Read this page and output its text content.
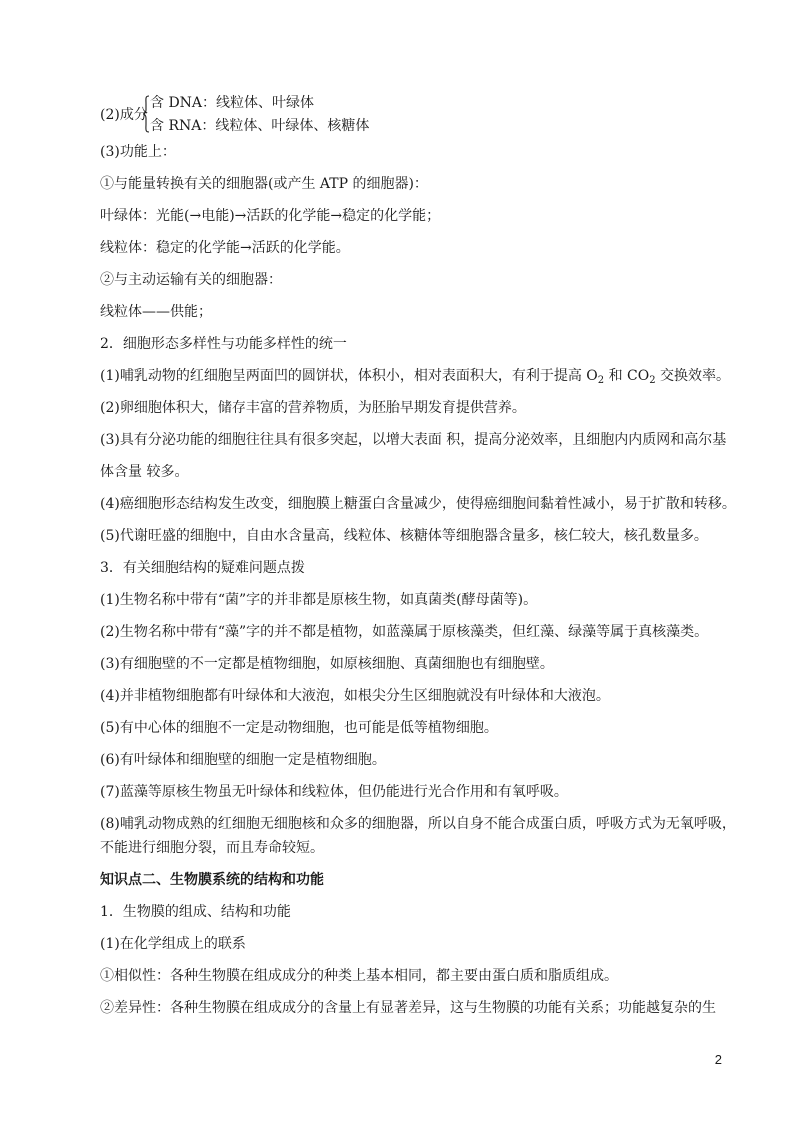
(2)成分
含 DNA：线粒体、叶绿体
含 RNA：线粒体、叶绿体、核糖体
(3)功能上：
①与能量转换有关的细胞器(或产生 ATP 的细胞器)：
叶绿体：光能(→电能)→活跃的化学能→稳定的化学能；
线粒体：稳定的化学能→活跃的化学能。
②与主动运输有关的细胞器：
线粒体——供能；
2．细胞形态多样性与功能多样性的统一
(1)哺乳动物的红细胞呈两面凹的圆饼状，体积小，相对表面积大，有利于提高 $O_2$ 和 $CO_2$ 交换效率。
(2)卵细胞体积大，储存丰富的营养物质，为胚胎早期发育提供营养。
(3)具有分泌功能的细胞往往具有很多突起，以增大表面 积，提高分泌效率，且细胞内内质网和高尔基
体含量 较多。
(4)癌细胞形态结构发生改变，细胞膜上糖蛋白含量减少，使得癌细胞间黏着性减小，易于扩散和转移。
(5)代谢旺盛的细胞中，自由水含量高，线粒体、核糖体等细胞器含量多，核仁较大，核孔数量多。
3．有关细胞结构的疑难问题点拨
(1)生物名称中带有“菌”字的并非都是原核生物，如真菌类(酵母菌等)。
(2)生物名称中带有“藻”字的并不都是植物，如蓝藻属于原核藻类，但红藻、绿藻等属于真核藻类。
(3)有细胞壁的不一定都是植物细胞，如原核细胞、真菌细胞也有细胞壁。
(4)并非植物细胞都有叶绿体和大液泡，如根尖分生区细胞就没有叶绿体和大液泡。
(5)有中心体的细胞不一定是动物细胞，也可能是低等植物细胞。
(6)有叶绿体和细胞壁的细胞一定是植物细胞。
(7)蓝藻等原核生物虽无叶绿体和线粒体，但仍能进行光合作用和有氧呼吸。
(8)哺乳动物成熟的红细胞无细胞核和众多的细胞器，所以自身不能合成蛋白质，呼吸方式为无氧呼吸，
不能进行细胞分裂，而且寿命较短。
知识点二、生物膜系统的结构和功能
1．生物膜的组成、结构和功能
(1)在化学组成上的联系
①相似性：各种生物膜在组成成分的种类上基本相同，都主要由蛋白质和脂质组成。
②差异性：各种生物膜在组成成分的含量上有显著差异，这与生物膜的功能有关系；功能越复杂的生
2
